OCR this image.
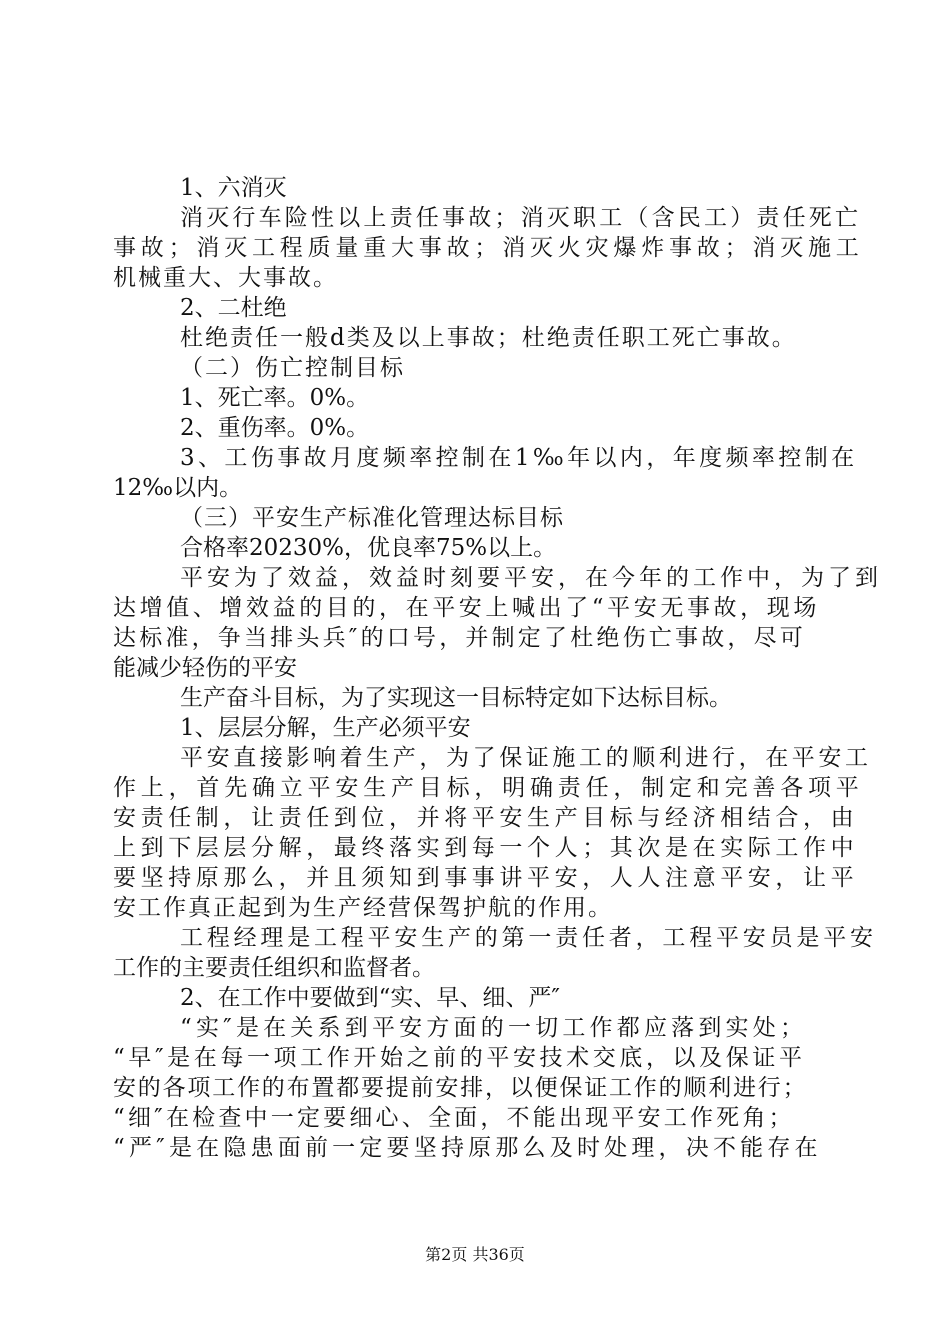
1、六消灭
消灭行车险性以上责任事故；消灭职工（含民工）责任死亡
事故；消灭工程质量重大事故；消灭火灾爆炸事故；消灭施工
机械重大、大事故。
2、二杜绝
杜绝责任一般d类及以上事故；杜绝责任职工死亡事故。
（二）伤亡控制目标
1、死亡率。0%。
2、重伤率。0%。
3、工伤事故月度频率控制在1‰年以内，年度频率控制在
12‰以内。
（三）平安生产标准化管理达标目标
合格率20230%，优良率75%以上。
平安为了效益，效益时刻要平安，在今年的工作中，为了到
达增值、增效益的目的，在平安上喊出了“平安无事故，现场
达标准，争当排头兵″的口号，并制定了杜绝伤亡事故，尽可
能减少轻伤的平安
生产奋斗目标，为了实现这一目标特定如下达标目标。
1、层层分解，生产必须平安
平安直接影响着生产，为了保证施工的顺利进行，在平安工
作上，首先确立平安生产目标，明确责任，制定和完善各项平
安责任制，让责任到位，并将平安生产目标与经济相结合，由
上到下层层分解，最终落实到每一个人；其次是在实际工作中
要坚持原那么，并且须知到事事讲平安，人人注意平安，让平
安工作真正起到为生产经营保驾护航的作用。
工程经理是工程平安生产的第一责任者，工程平安员是平安
工作的主要责任组织和监督者。
2、在工作中要做到“实、早、细、严″
“实″是在关系到平安方面的一切工作都应落到实处；
“早″是在每一项工作开始之前的平安技术交底，以及保证平
安的各项工作的布置都要提前安排，以便保证工作的顺利进行；
“细″在检查中一定要细心、全面，不能出现平安工作死角；
“严″是在隐患面前一定要坚持原那么及时处理，决不能存在
第2页 共36页
